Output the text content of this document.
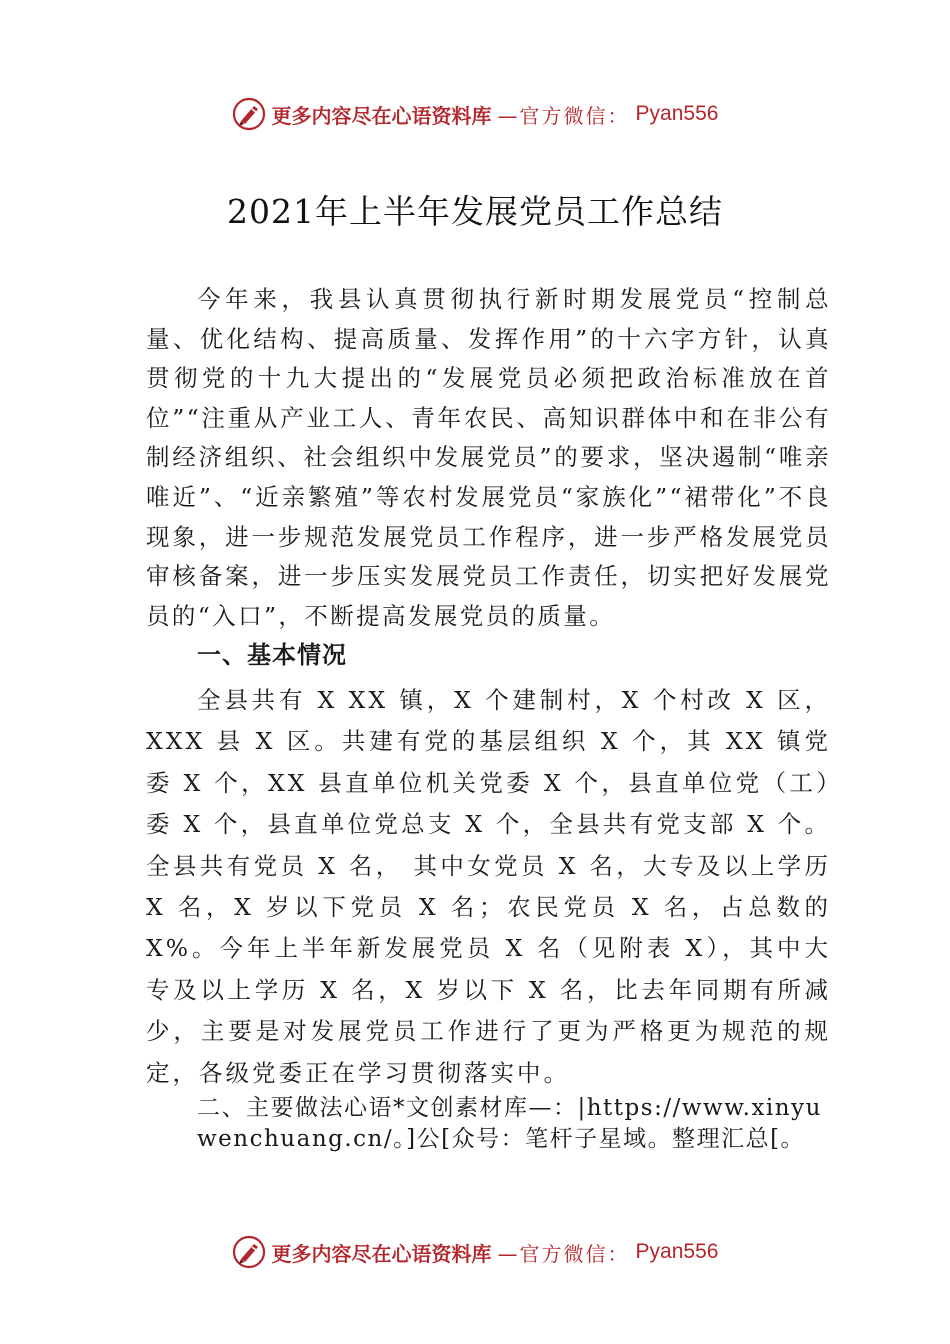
更多内容尽在心语资料库 —官方微信： Pyan556
2021年上半年发展党员工作总结

今年来，我县认真贯彻执行新时期发展党员“控制总量、优化结构、提高质量、发挥作用”的十六字方针，认真贯彻党的十九大提出的“发展党员必须把政治标准放在首位”“注重从产业工人、青年农民、高知识群体中和在非公有制经济组织、社会组织中发展党员”的要求，坚决遏制“唯亲唯近”、“近亲繁殖”等农村发展党员“家族化”“裙带化”不良现象，进一步规范发展党员工作程序，进一步严格发展党员审核备案，进一步压实发展党员工作责任，切实把好发展党员的“入口”，不断提高发展党员的质量。

一、基本情况

全县共有 X XX 镇，X 个建制村，X 个村改 X 区，XXX 县 X 区。共建有党的基层组织 X 个，其 XX 镇党委 X 个，XX 县直单位机关党委 X 个，县直单位党（工）委 X 个，县直单位党总支 X 个，全县共有党支部 X 个。全县共有党员 X 名， 其中女党员 X 名，大专及以上学历 X 名，X 岁以下党员 X 名；农民党员 X 名，占总数的 X%。今年上半年新发展党员 X 名（见附表 X），其中大专及以上学历 X 名，X 岁以下 X 名，比去年同期有所减少，主要是对发展党员工作进行了更为严格更为规范的规定，各级党委正在学习贯彻落实中。

二、主要做法心语*文创素材库—：|https://www.xinyuwenchuang.cn/。]公[众号：笔杆子星域。整理汇总[。

更多内容尽在心语资料库 —官方微信： Pyan556
